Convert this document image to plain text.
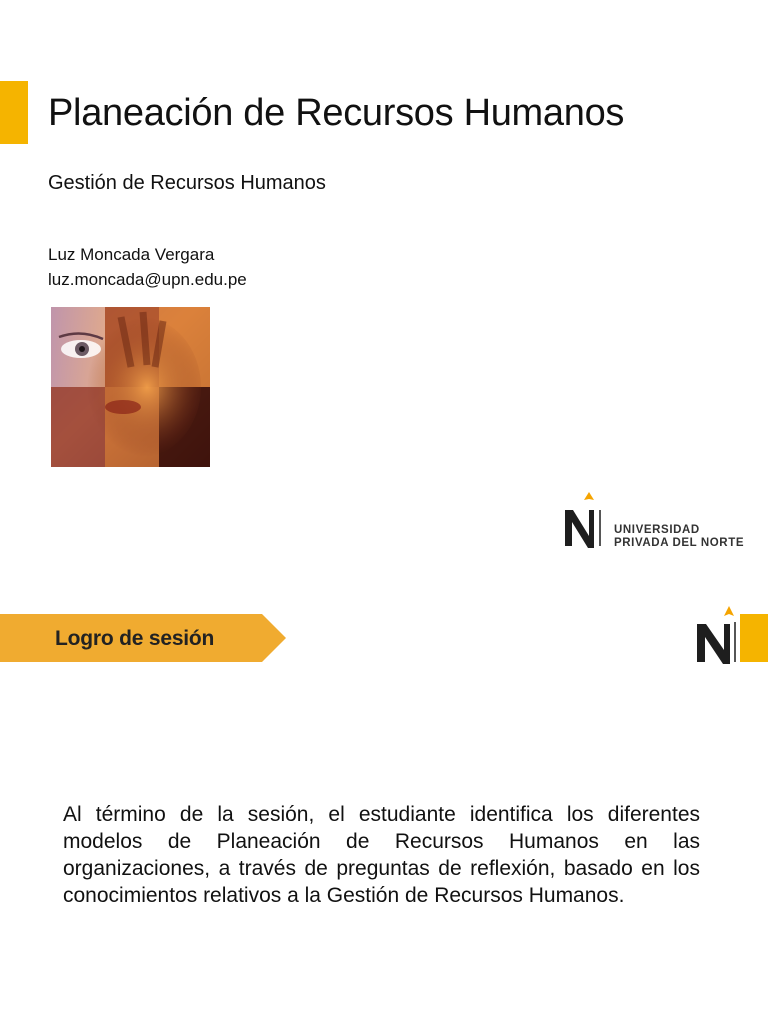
Planeación de Recursos Humanos
Gestión de Recursos Humanos
Luz Moncada Vergara
luz.moncada@upn.edu.pe
UNIVERSIDAD
PRIVADA DEL NORTE
Logro de sesión

Al término de la sesión, el estudiante identifica los diferentes modelos de Planeación de Recursos Humanos en las organizaciones, a través de preguntas de reflexión, basado en los conocimientos relativos a la Gestión de Recursos Humanos.
